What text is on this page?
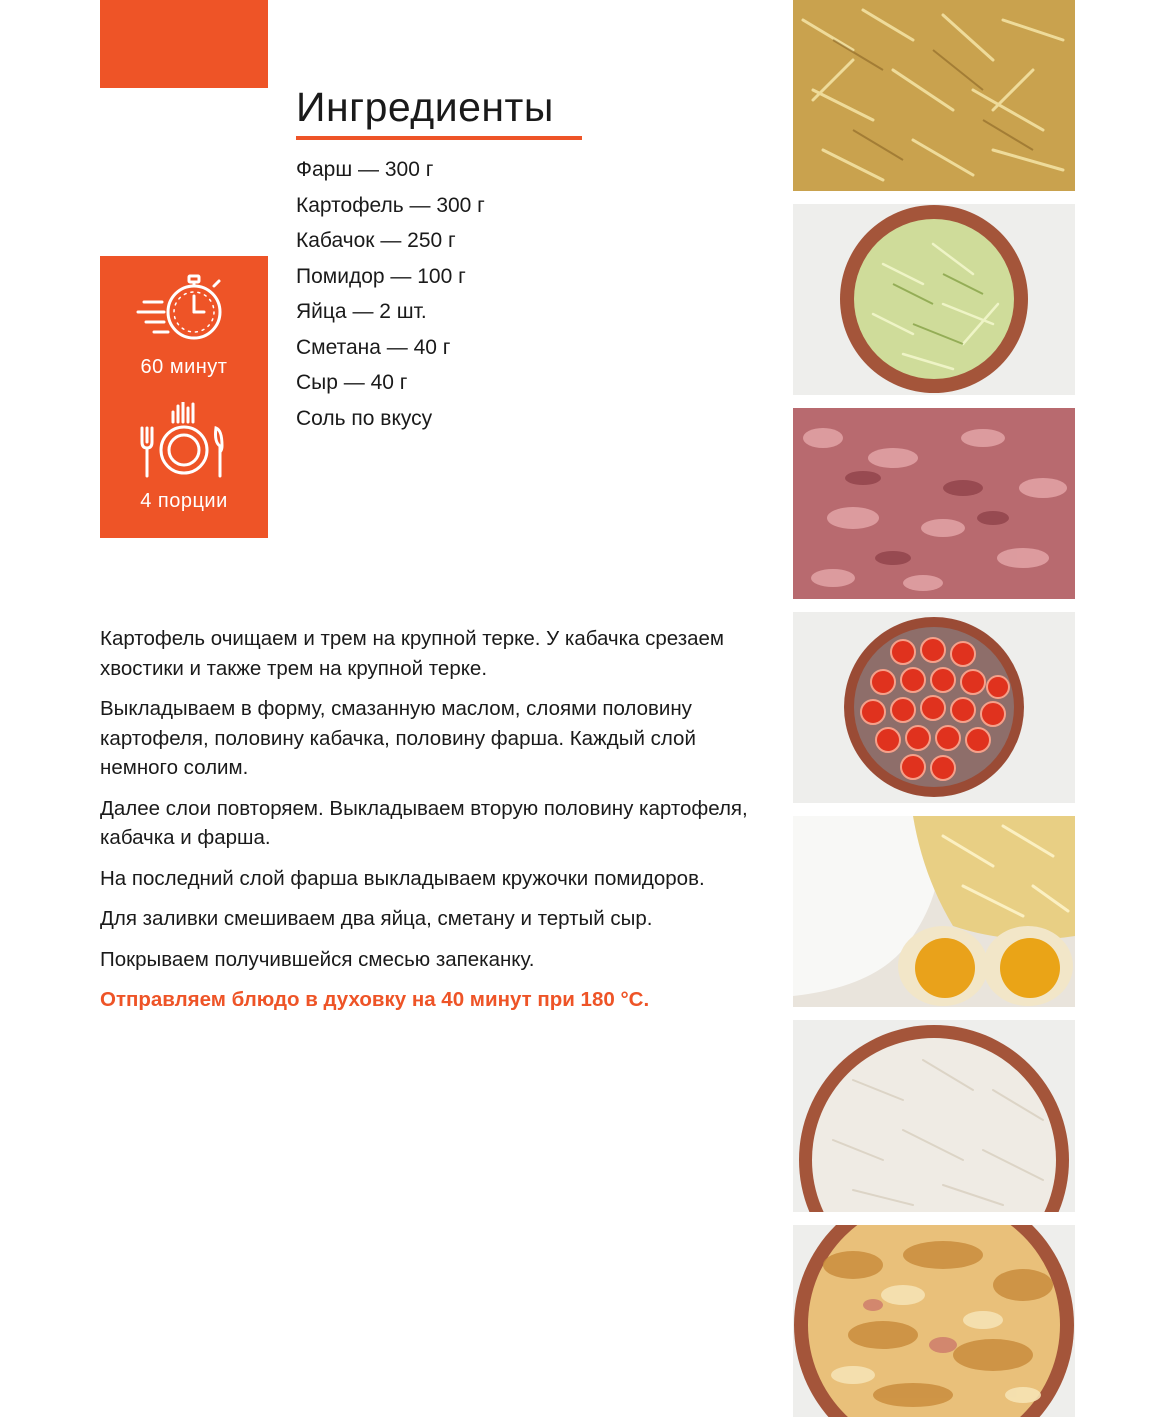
60 минут
4 порции
Ингредиенты
Фарш — 300 г
Картофель — 300 г
Кабачок — 250 г
Помидор — 100 г
Яйца — 2 шт.
Сметана — 40 г
Сыр — 40 г
Соль по вкусу

Картофель очищаем и трем на крупной терке. У кабачка срезаем хвостики и также трем на крупной терке.

Выкладываем в форму, смазанную маслом, слоями половину картофеля, половину кабачка, половину фарша. Каждый слой немного солим.

Далее слои повторяем. Выкладываем вторую половину картофеля, кабачка и фарша.

На последний слой фарша выкладываем кружочки помидоров.

Для заливки смешиваем два яйца, сметану и тертый сыр.

Покрываем получившейся смесью запеканку.

Отправляем блюдо в духовку на 40 минут при 180 °С.
